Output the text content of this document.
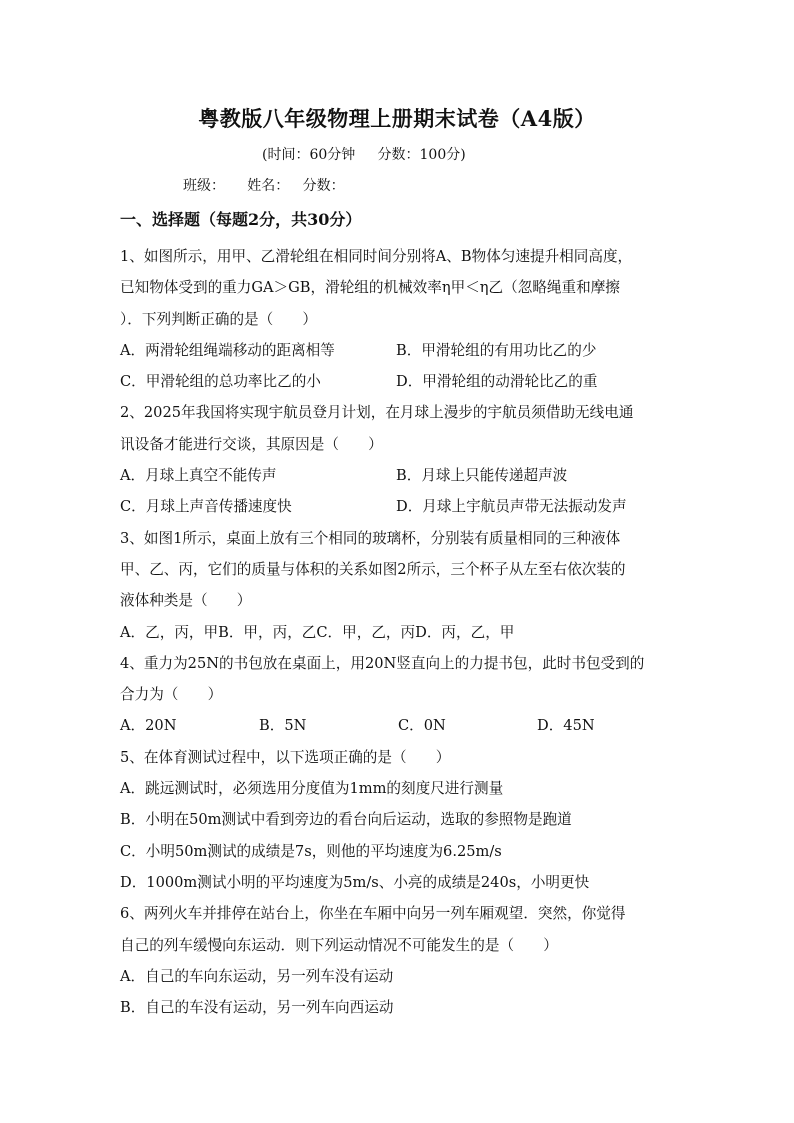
粤教版八年级物理上册期末试卷（A4版）
(时间：60分钟     分数：100分)
班级：     姓名：   分数：
一、选择题（每题2分，共30分）
1、如图所示，用甲、乙滑轮组在相同时间分别将A、B物体匀速提升相同高度，
已知物体受到的重力GA＞GB，滑轮组的机械效率η甲＜η乙（忽略绳重和摩擦
）．下列判断正确的是（　　）
A．两滑轮组绳端移动的距离相等	B．甲滑轮组的有用功比乙的少
C．甲滑轮组的总功率比乙的小	D．甲滑轮组的动滑轮比乙的重
2、2025年我国将实现宇航员登月计划，在月球上漫步的宇航员须借助无线电通
讯设备才能进行交谈，其原因是（　　）
A．月球上真空不能传声	B．月球上只能传递超声波
C．月球上声音传播速度快	D．月球上宇航员声带无法振动发声
3、如图1所示，桌面上放有三个相同的玻璃杯，分别装有质量相同的三种液体
甲、乙、丙，它们的质量与体积的关系如图2所示，三个杯子从左至右依次装的
液体种类是（　　）
A．乙，丙，甲B．甲，丙，乙C．甲，乙，丙D．丙，乙，甲
4、重力为25N的书包放在桌面上，用20N竖直向上的力提书包，此时书包受到的
合力为（　　）
A．20N	B．5N	C．0N	D．45N
5、在体育测试过程中，以下选项正确的是（　　）
A．跳远测试时，必须选用分度值为1mm的刻度尺进行测量
B．小明在50m测试中看到旁边的看台向后运动，选取的参照物是跑道
C．小明50m测试的成绩是7s，则他的平均速度为6.25m/s
D．1000m测试小明的平均速度为5m/s、小亮的成绩是240s，小明更快
6、两列火车并排停在站台上，你坐在车厢中向另一列车厢观望．突然，你觉得
自己的列车缓慢向东运动．则下列运动情况不可能发生的是（　　）
A．自己的车向东运动，另一列车没有运动
B．自己的车没有运动，另一列车向西运动
